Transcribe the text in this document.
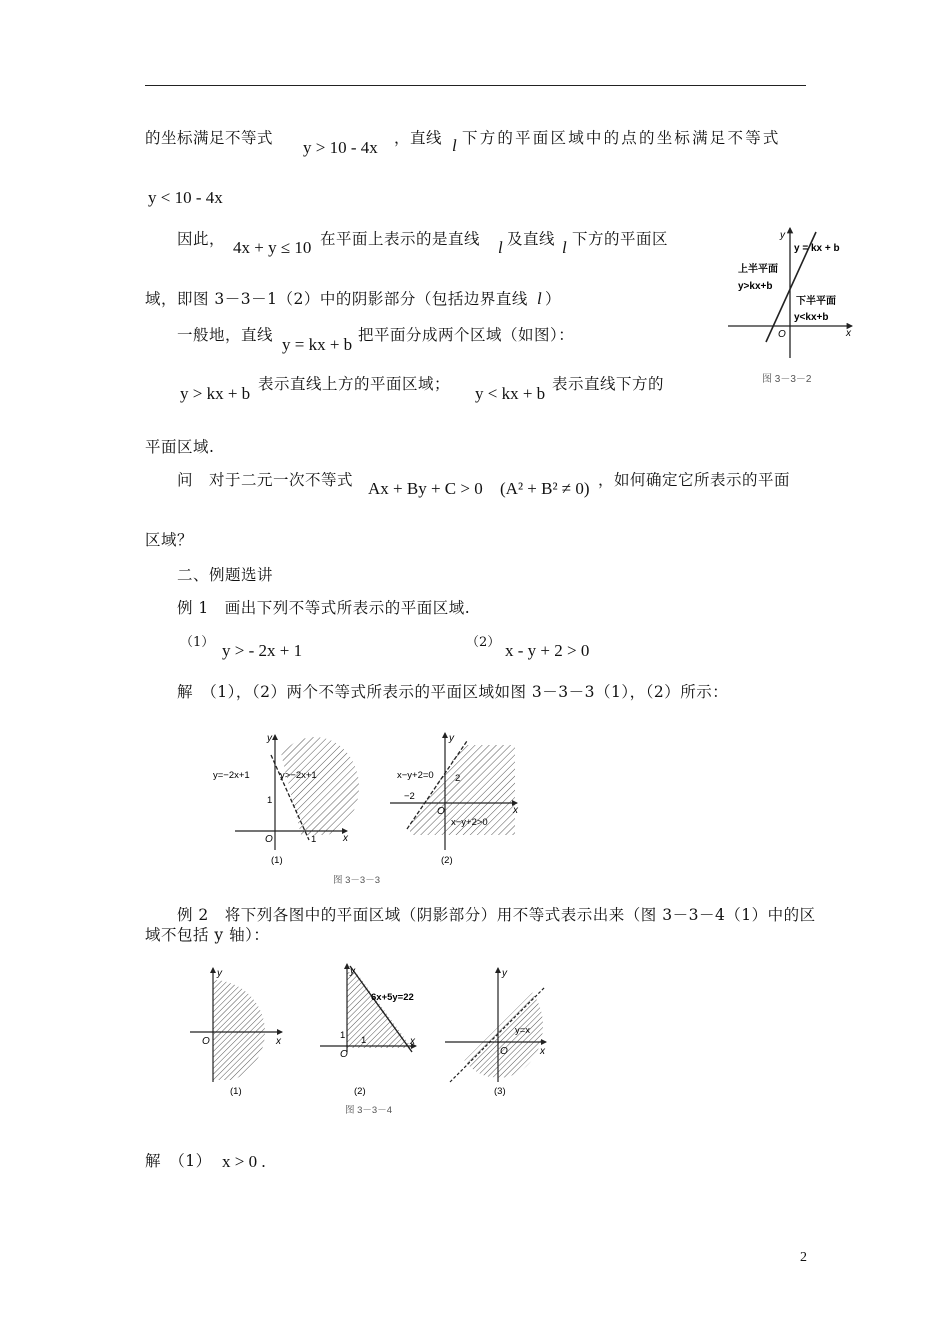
的坐标满足不等式 y > 10 - 4x ，直线 l 下方的平面区域中的点的坐标满足不等式
y < 10 - 4x
因此， 4x + y ≤ 10 在平面上表示的是直线 l 及直线 l 下方的平面区
域，即图 3－3－1（2）中的阴影部分（包括边界直线 l ）
一般地，直线 y = kx + b 把平面分成两个区域（如图）：
y > kx + b 表示直线上方的平面区域； y < kx + b 表示直线下方的
平面区域.
问　对于二元一次不等式 Ax + By + C > 0 (A² + B² ≠ 0) ，如何确定它所表示的平面
区域？
二、例题选讲
例 1　画出下列不等式所表示的平面区域.
（1） y > - 2x + 1	（2） x - y + 2 > 0
解　（1），（2）两个不等式所表示的平面区域如图 3－3－3（1），（2）所示：
例 2　将下列各图中的平面区域（阴影部分）用不等式表示出来（图 3－3－4（1）中的区
域不包括 y 轴）：
解　（1） x > 0 .
2
y
x
O
y = kx + b
上半平面
y>kx+b
下半平面
y<kx+b
图 3－3－2
y
x
O
y=−2x+1	y>−2x+1
1
1
(1)
y
x
O
x−y+2=0 2
−2
x−y+2>0
(2)
图 3－3－3
y
x
O
(1)
6x+5y=22
y
x
O
1
1
(2)
y
x
O
y=x
(3)
图 3－3－4
